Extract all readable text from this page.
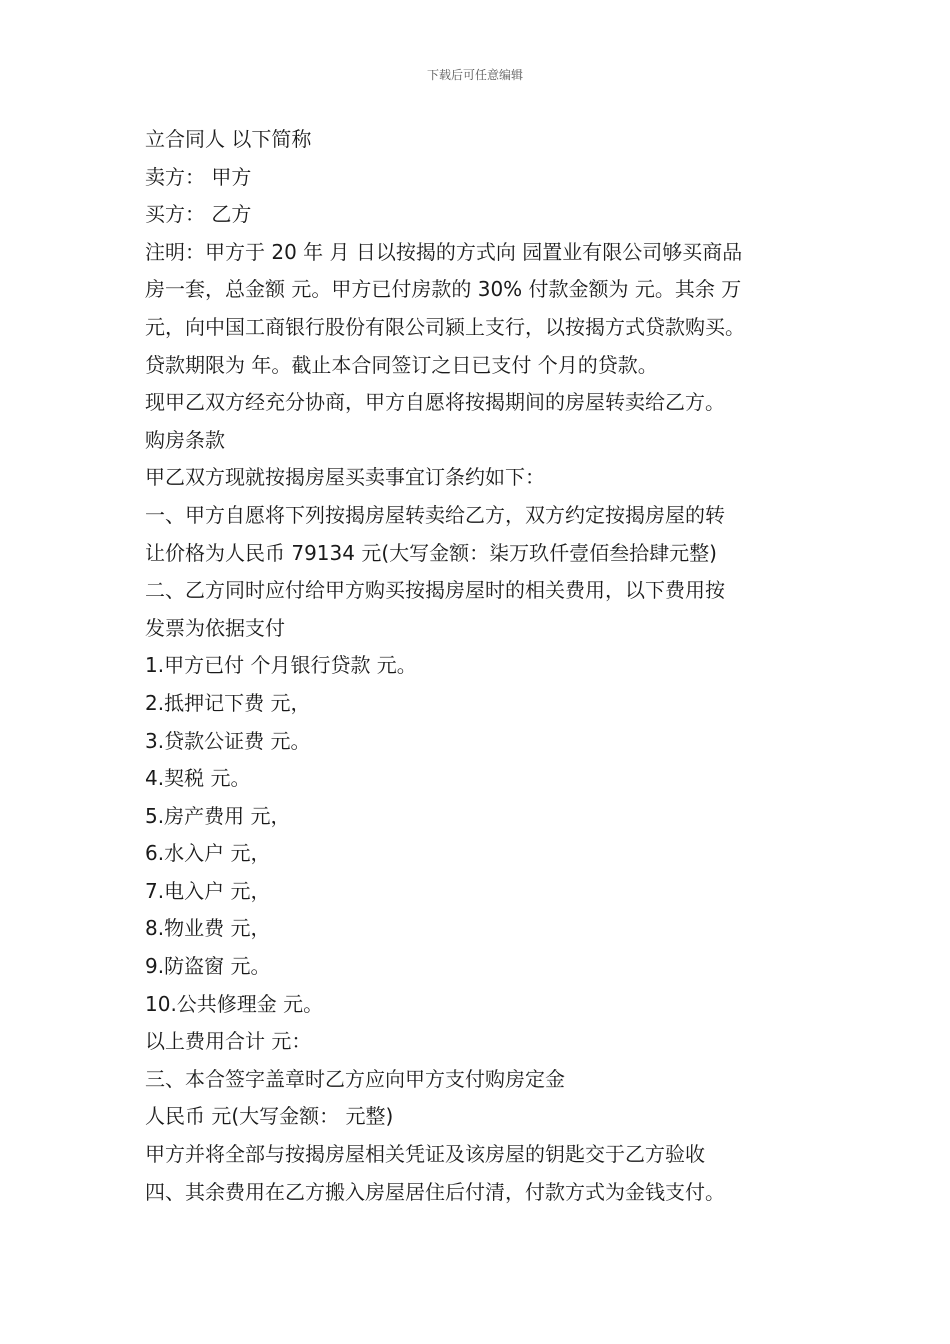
下载后可任意编辑

立合同人 以下简称

卖方： 甲方

买方： 乙方

注明：甲方于 20 年 月 日以按揭的方式向 园置业有限公司够买商品

房一套，总金额 元。甲方已付房款的 30% 付款金额为 元。其余 万

元，向中国工商银行股份有限公司颍上支行，以按揭方式贷款购买。

贷款期限为 年。截止本合同签订之日已支付 个月的贷款。

现甲乙双方经充分协商，甲方自愿将按揭期间的房屋转卖给乙方。

购房条款

甲乙双方现就按揭房屋买卖事宜订条约如下：

一、甲方自愿将下列按揭房屋转卖给乙方，双方约定按揭房屋的转

让价格为人民币 79134 元(大写金额：柒万玖仟壹佰叁拾肆元整)

二、乙方同时应付给甲方购买按揭房屋时的相关费用，以下费用按

发票为依据支付

1.甲方已付 个月银行贷款 元。

2.抵押记下费 元，

3.贷款公证费 元。

4.契税 元。

5.房产费用 元，

6.水入户 元，

7.电入户 元，

8.物业费 元，

9.防盗窗 元。

10.公共修理金 元。

以上费用合计 元：

三、本合签字盖章时乙方应向甲方支付购房定金

人民币 元(大写金额： 元整)

甲方并将全部与按揭房屋相关凭证及该房屋的钥匙交于乙方验收

四、其余费用在乙方搬入房屋居住后付清，付款方式为金钱支付。
